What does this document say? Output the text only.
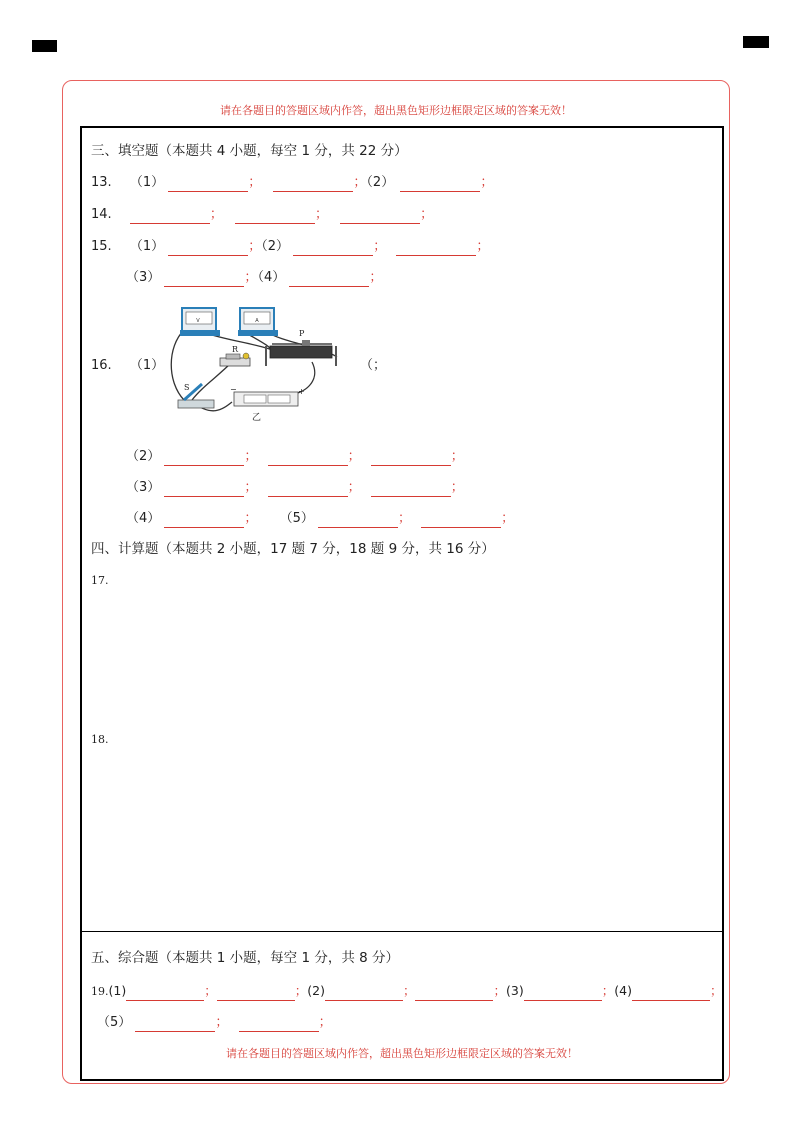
请在各题目的答题区域内作答，超出黑色矩形边框限定区域的答案无效！
三、填空题（本题共 4 小题，每空 1 分，共 22 分）
13. （1）	；	；（2）	；
14.	；	；	；
15. （1）	；（2）	；	；
（3）	；（4）	；
16. （1）	（；
V	A
R
P
S	−	+
乙
（2）	；	；	；
（3）	；	；	；
（4）	； （5）	；	；
四、计算题（本题共 2 小题，17 题 7 分，18 题 9 分，共 16 分）
17.
18.
五、综合题（本题共 1 小题，每空 1 分，共 8 分）
19.(1)	；	；(2)	；	；(3)	；(4)	；
（5）	；	；
请在各题目的答题区域内作答，超出黑色矩形边框限定区域的答案无效！
